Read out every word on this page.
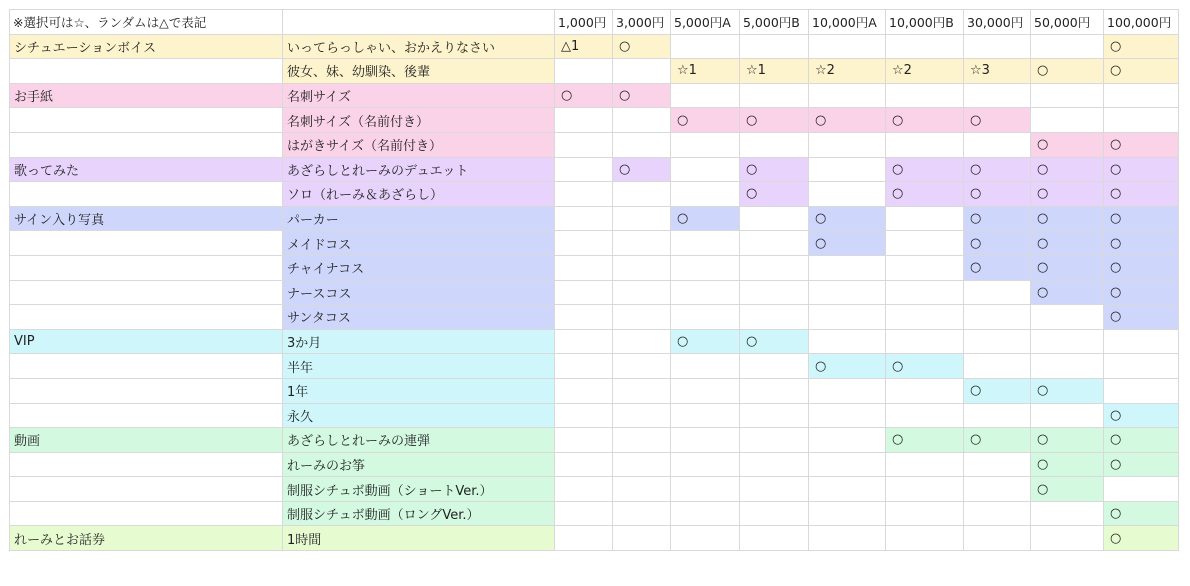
※選択可は☆、ランダムは△で表記		1,000円	3,000円	5,000円A	5,000円B	10,000円A	10,000円B	30,000円	50,000円	100,000円
シチュエーションボイス	いってらっしゃい、おかえりなさい	△1	○							○
	彼女、妹、幼馴染、後輩			☆1	☆1	☆2	☆2	☆3	○	○
お手紙	名刺サイズ	○	○							
	名刺サイズ（名前付き）			○	○	○	○	○		
	はがきサイズ（名前付き）								○	○
歌ってみた	あざらしとれーみのデュエット		○		○		○	○	○	○
	ソロ（れーみ＆あざらし）				○		○	○	○	○
サイン入り写真	パーカー			○		○		○	○	○
	メイドコス					○		○	○	○
	チャイナコス							○	○	○
	ナースコス								○	○
	サンタコス									○
VIP	3か月			○	○					
	半年					○	○			
	1年							○	○	
	永久									○
動画	あざらしとれーみの連弾						○	○	○	○
	れーみのお筝								○	○
	制服シチュボ動画（ショートVer.）								○	
	制服シチュボ動画（ロングVer.）									○
れーみとお話券	1時間									○
